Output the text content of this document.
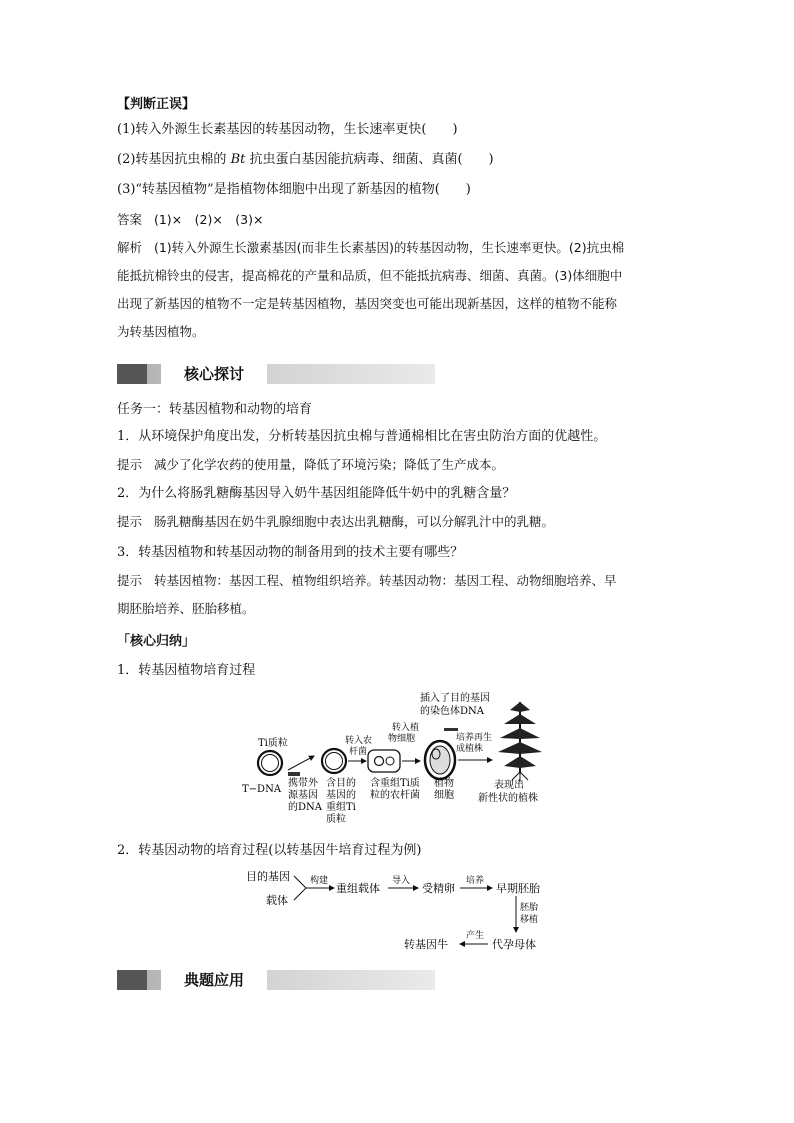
【判断正误】
(1)转入外源生长素基因的转基因动物，生长速率更快(　　)
(2)转基因抗虫棉的 Bt 抗虫蛋白基因能抗病毒、细菌、真菌(　　)
(3)“转基因植物”是指植物体细胞中出现了新基因的植物(　　)
答案 (1)×　(2)×　(3)×
解析 (1)转入外源生长激素基因(而非生长素基因)的转基因动物，生长速率更快。(2)抗虫棉
能抵抗棉铃虫的侵害，提高棉花的产量和品质，但不能抵抗病毒、细菌、真菌。(3)体细胞中
出现了新基因的植物不一定是转基因植物，基因突变也可能出现新基因，这样的植物不能称
为转基因植物。
核心探讨
任务一：转基因植物和动物的培育
1．从环境保护角度出发，分析转基因抗虫棉与普通棉相比在害虫防治方面的优越性。
提示 减少了化学农药的使用量，降低了环境污染；降低了生产成本。
2．为什么将肠乳糖酶基因导入奶牛基因组能降低牛奶中的乳糖含量？
提示 肠乳糖酶基因在奶牛乳腺细胞中表达出乳糖酶，可以分解乳汁中的乳糖。
3．转基因植物和转基因动物的制备用到的技术主要有哪些？
提示 转基因植物：基因工程、植物组织培养。转基因动物：基因工程、动物细胞培养、早
期胚胎培养、胚胎移植。
「核心归纳」
1．转基因植物培育过程
Ti质粒
T−DNA
携带外 源基因 的DNA
含目的 基因的 重组Ti 质粒
转入农 杆菌
含重组Ti质 粒的农杆菌
转入植 物细胞
植物 细胞
插入了目的基因 的染色体DNA
培养再生 成植株
表现出 新性状的植株
2．转基因动物的培育过程(以转基因牛培育过程为例)
目的基因
载体
构建
重组载体
导入
受精卵
培养
早期胚胎
胚胎 移植
代孕母体
产生
转基因牛
典题应用
